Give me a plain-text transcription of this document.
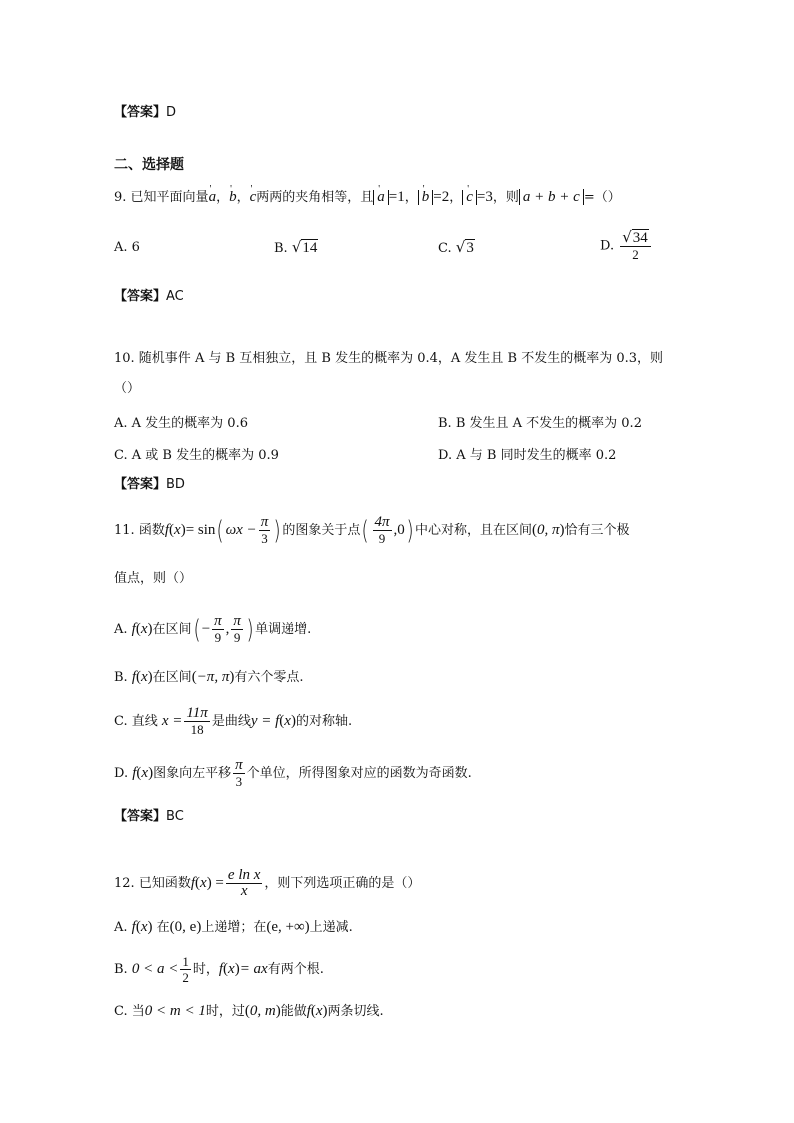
【答案】D
二、选择题
9. 已知平面向量' a，' b，' c两两的夹角相等，且 ' a =1， ' b =2， ' c =3，则 a + b + c =（）
A. 6	B. √14	C. √3	D. $\frac{√34}{2}$
【答案】AC
10. 随机事件 A 与 B 互相独立，且 B 发生的概率为 0.4，A 发生且 B 不发生的概率为 0.3，则
（）
A. A 发生的概率为 0.6	B. B 发生且 A 不发生的概率为 0.2
C. A 或 B 发生的概率为 0.9	D. A 与 B 同时发生的概率 0.2
【答案】BD
11. 函数f(x)= sin( $\omega x - \frac{\pi}{3}$ ) 的图象关于点( $\frac{4\pi}{9} ,0$) 中心对称，且在区间(0, π)恰有三个极
值点，则（）
A. f(x)在区间( − $\frac{\pi}{9}$ , $\frac{\pi}{9}$ ) 单调递增.
B. f(x)在区间(−π, π)有六个零点.
C. 直线 $x = \frac{11\pi}{18}$ 是曲线y = f(x)的对称轴.
D. f(x)图象向左平移 $\frac{\pi}{3}$ 个单位，所得图象对应的函数为奇函数.
【答案】BC
12. 已知函数$f(x) = \frac{\text{e ln x}}{x}$ ，则下列选项正确的是（）
A. f(x) 在(0, e)上递增；在(e, +∞)上递减.
B. $0 < a < \frac{1}{2}$ 时，f(x)= ax有两个根.
C. 当0 < m < 1时，过(0, m)能做f(x)两条切线.
